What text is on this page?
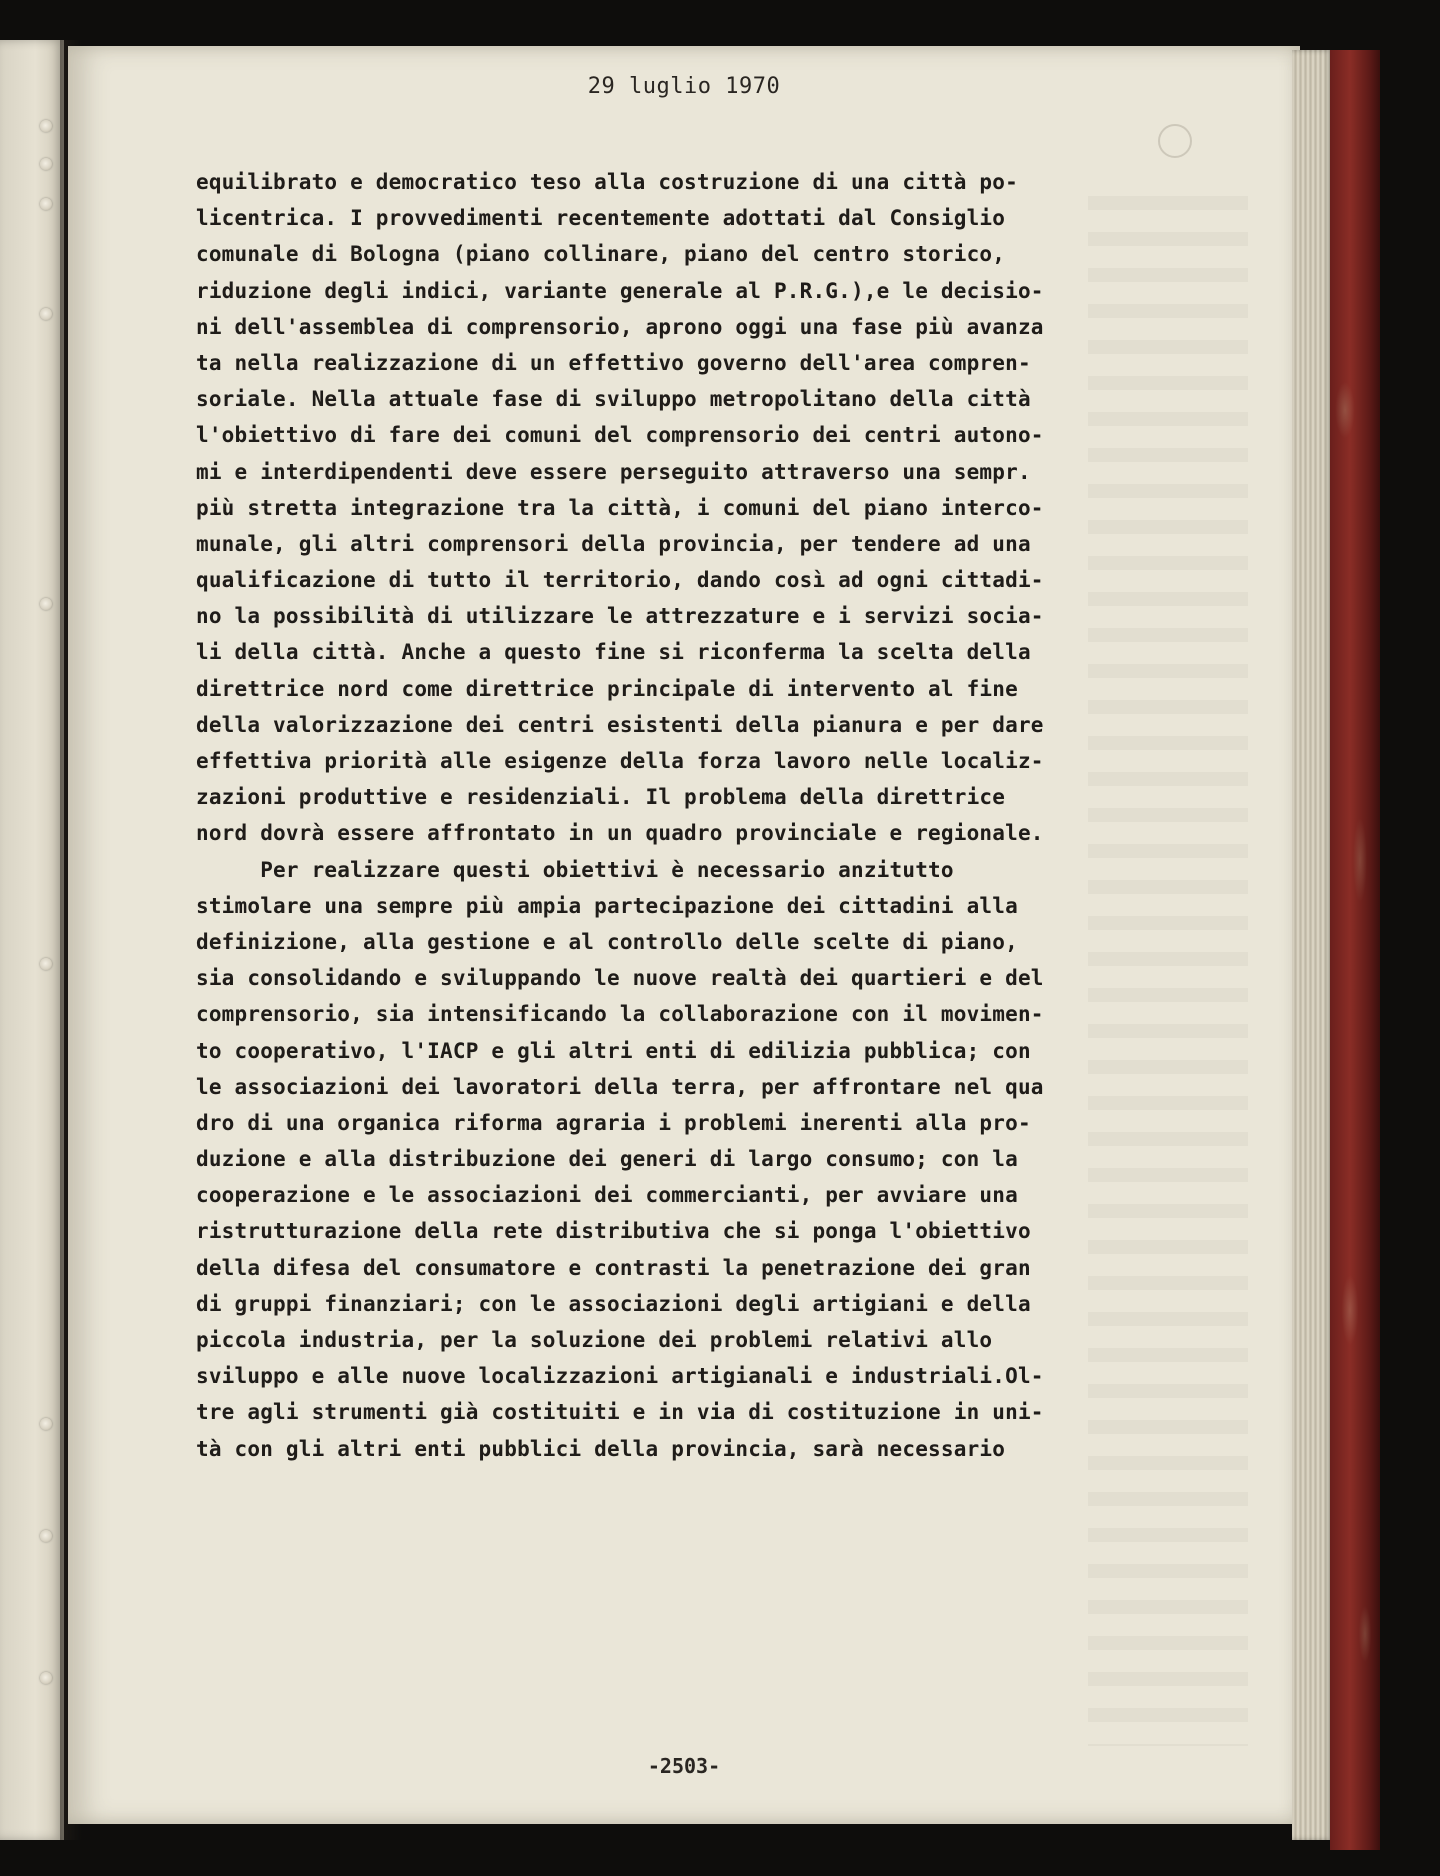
29 luglio 1970
equilibrato e democratico teso alla costruzione di una città po-
licentrica. I provvedimenti recentemente adottati dal Consiglio
comunale di Bologna (piano collinare, piano del centro storico,
riduzione degli indici, variante generale al P.R.G.),e le decisio-
ni dell'assemblea di comprensorio, aprono oggi una fase più avanza
ta nella realizzazione di un effettivo governo dell'area compren-
soriale. Nella attuale fase di sviluppo metropolitano della città
l'obiettivo di fare dei comuni del comprensorio dei centri autono-
mi e interdipendenti deve essere perseguito attraverso una sempr.
più stretta integrazione tra la città, i comuni del piano interco-
munale, gli altri comprensori della provincia, per tendere ad una
qualificazione di tutto il territorio, dando così ad ogni cittadi-
no la possibilità di utilizzare le attrezzature e i servizi socia-
li della città. Anche a questo fine si riconferma la scelta della
direttrice nord come direttrice principale di intervento al fine
della valorizzazione dei centri esistenti della pianura e per dare
effettiva priorità alle esigenze della forza lavoro nelle localiz-
zazioni produttive e residenziali. Il problema della direttrice
nord dovrà essere affrontato in un quadro provinciale e regionale.
Per realizzare questi obiettivi è necessario anzitutto
stimolare una sempre più ampia partecipazione dei cittadini alla
definizione, alla gestione e al controllo delle scelte di piano,
sia consolidando e sviluppando le nuove realtà dei quartieri e del
comprensorio, sia intensificando la collaborazione con il movimen-
to cooperativo, l'IACP e gli altri enti di edilizia pubblica; con
le associazioni dei lavoratori della terra, per affrontare nel qua
dro di una organica riforma agraria i problemi inerenti alla pro-
duzione e alla distribuzione dei generi di largo consumo; con la
cooperazione e le associazioni dei commercianti, per avviare una
ristrutturazione della rete distributiva che si ponga l'obiettivo
della difesa del consumatore e contrasti la penetrazione dei gran
di gruppi finanziari; con le associazioni degli artigiani e della
piccola industria, per la soluzione dei problemi relativi allo
sviluppo e alle nuove localizzazioni artigianali e industriali.Ol-
tre agli strumenti già costituiti e in via di costituzione in uni-
tà con gli altri enti pubblici della provincia, sarà necessario
-2503-
